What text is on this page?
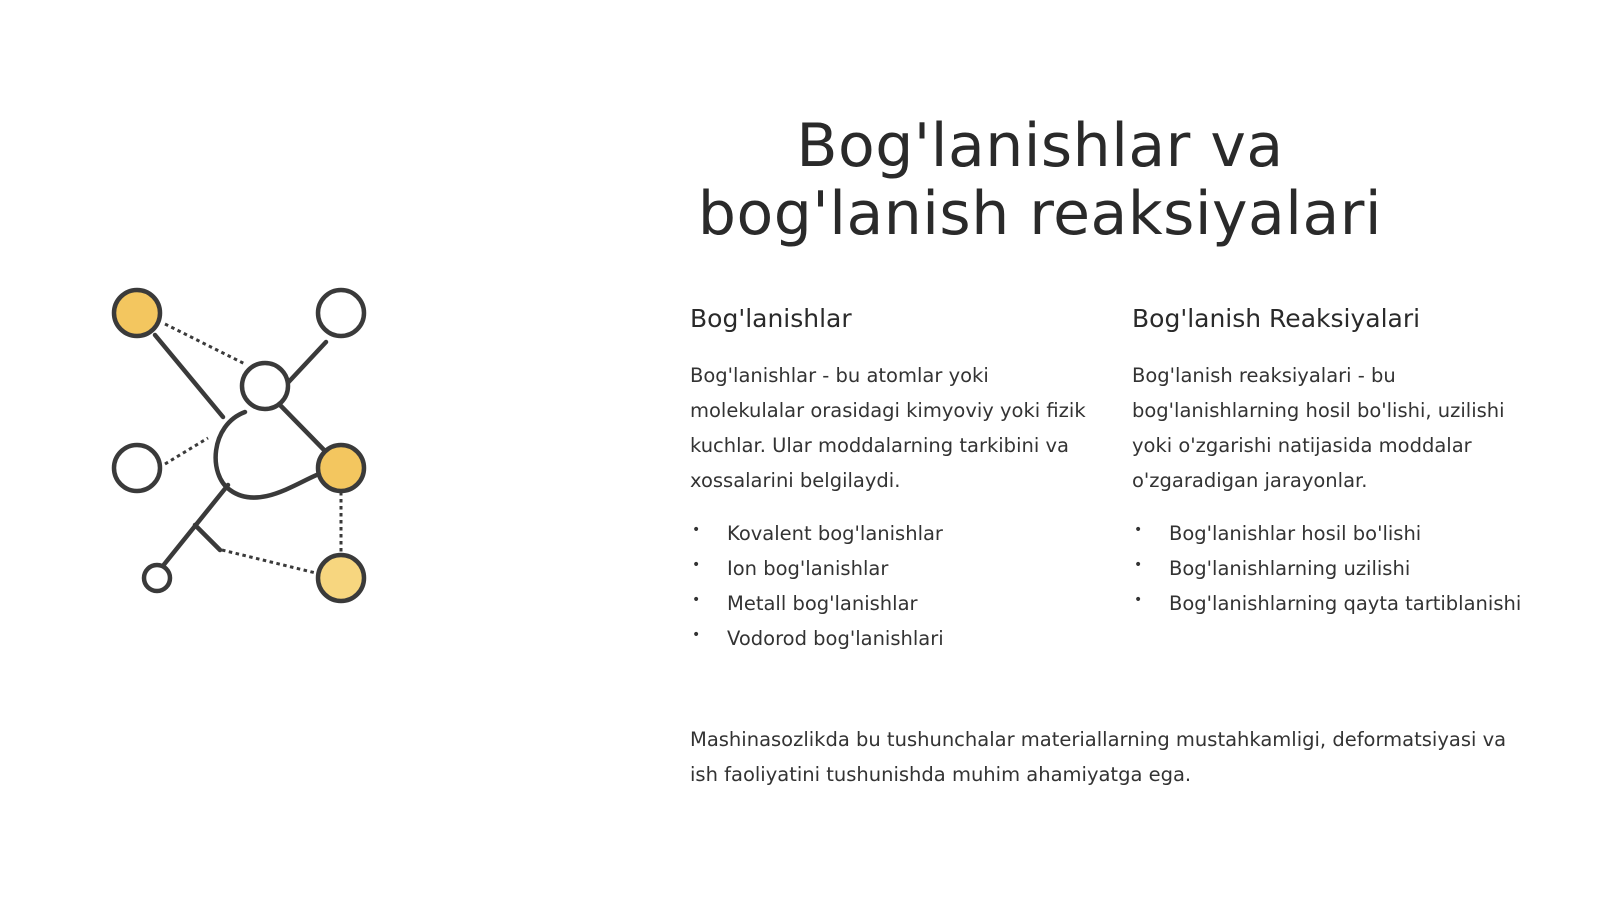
Bog'lanishlar va bog'lanish reaksiyalari
Bog'lanishlar

Bog'lanishlar - bu atomlar yoki molekulalar orasidagi kimyoviy yoki fizik kuchlar. Ular moddalarning tarkibini va xossalarini belgilaydi.

• Kovalent bog'lanishlar
• Ion bog'lanishlar
• Metall bog'lanishlar
• Vodorod bog'lanishlari
Bog'lanish Reaksiyalari

Bog'lanish reaksiyalari - bu bog'lanishlarning hosil bo'lishi, uzilishi yoki o'zgarishi natijasida moddalar o'zgaradigan jarayonlar.

• Bog'lanishlar hosil bo'lishi
• Bog'lanishlarning uzilishi
• Bog'lanishlarning qayta tartiblanishi

Mashinasozlikda bu tushunchalar materiallarning mustahkamligi, deformatsiyasi va ish faoliyatini tushunishda muhim ahamiyatga ega.
